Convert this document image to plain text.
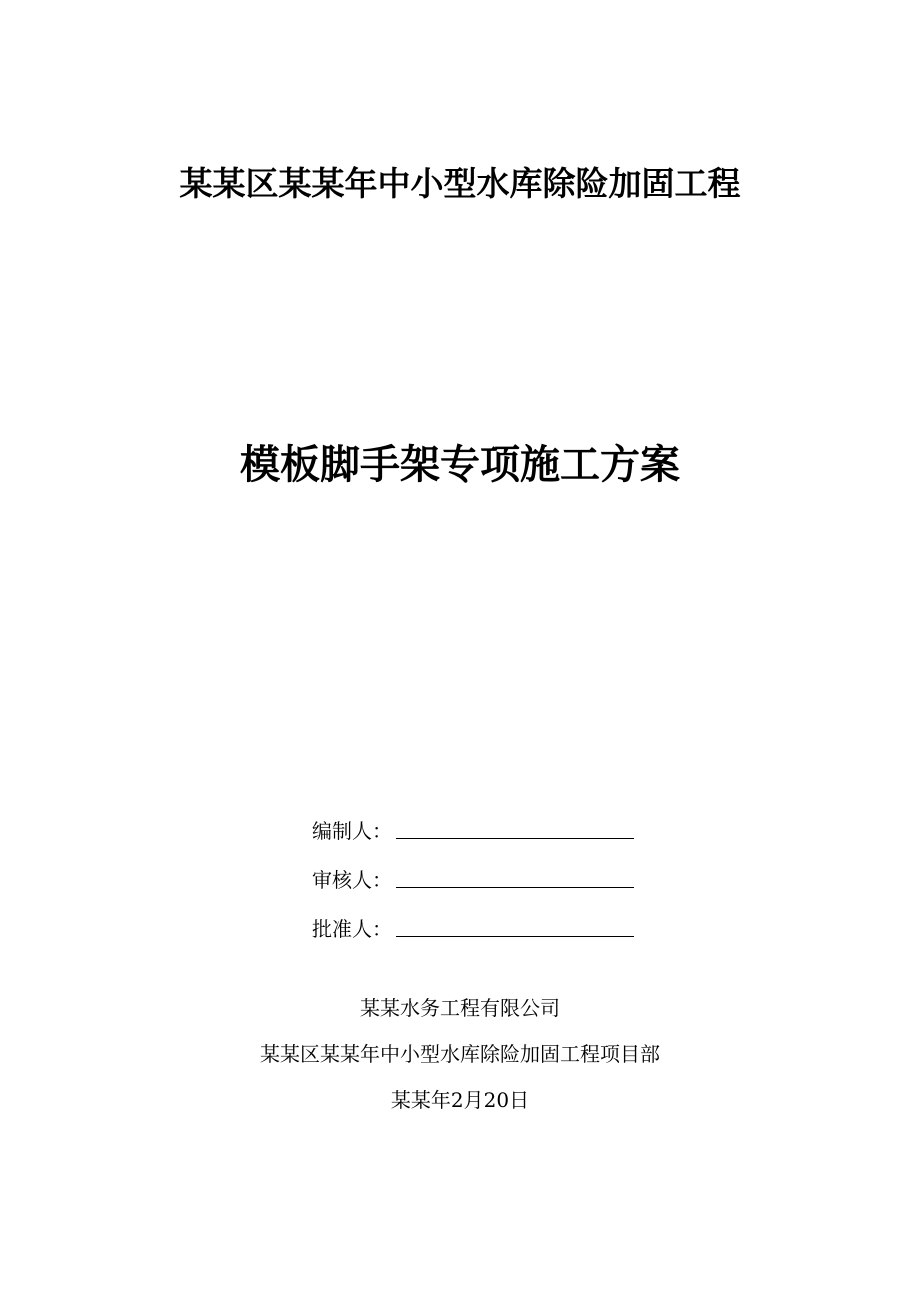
某某区某某年中小型水库除险加固工程
模板脚手架专项施工方案
编制人：
审核人：
批准人：
某某水务工程有限公司
某某区某某年中小型水库除险加固工程项目部
某某年2月20日
